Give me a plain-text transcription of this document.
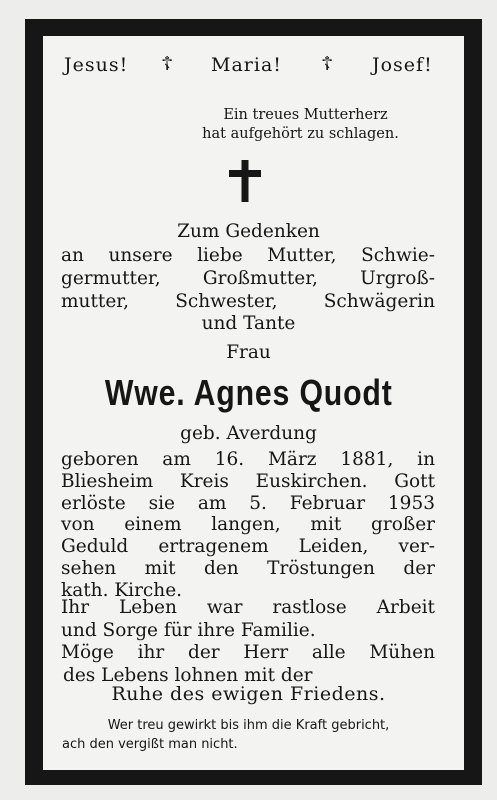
Jesus! ☦ Maria! ☦ Josef!
Ein treues Mutterherz
hat aufgehört zu schlagen.
Zum Gedenken
an unsere liebe Mutter, Schwie-
germutter, Großmutter, Urgroß-
mutter, Schwester, Schwägerin
und Tante
Frau
Wwe. Agnes Quodt
geb. Averdung
geboren am 16. März 1881, in
Bliesheim Kreis Euskirchen. Gott
erlöste sie am 5. Februar 1953
von einem langen, mit großer
Geduld ertragenem Leiden, ver-
sehen mit den Tröstungen der
kath. Kirche.
Ihr Leben war rastlose Arbeit
und Sorge für ihre Familie.
Möge ihr der Herr alle Mühen
des Lebens lohnen mit der
Ruhe des ewigen Friedens.
Wer treu gewirkt bis ihm die Kraft gebricht,
ach den vergißt man nicht.
